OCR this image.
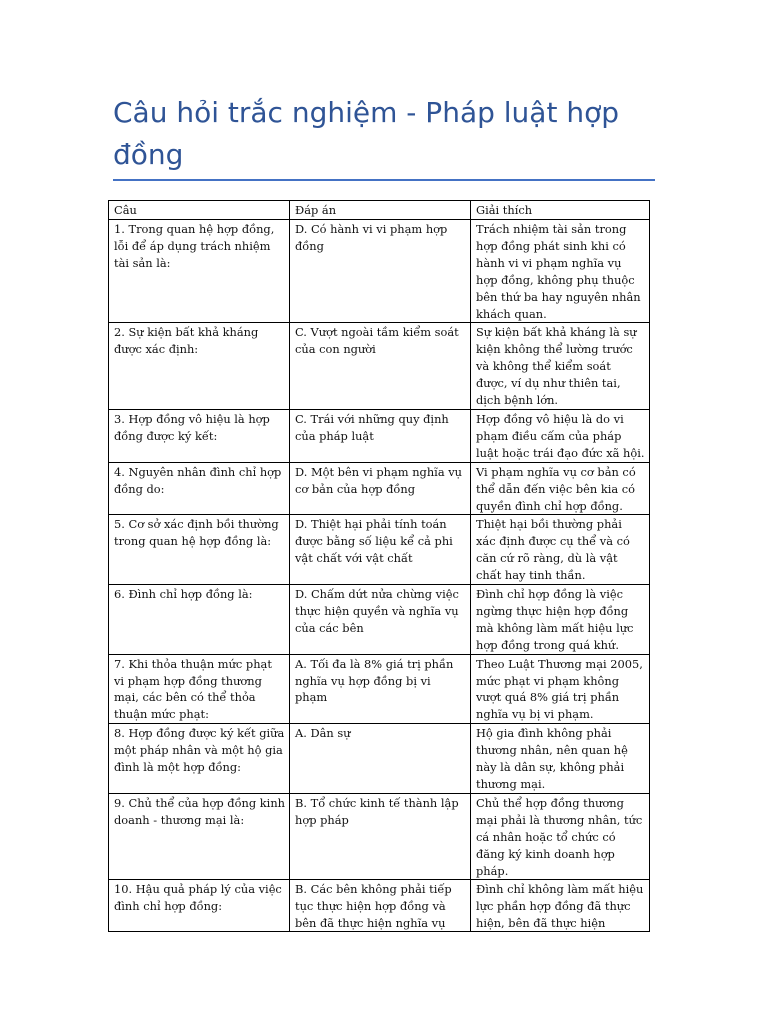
Câu hỏi trắc nghiệm - Pháp luật hợp đồng
Câu	Đáp án	Giải thích
1. Trong quan hệ hợp đồng, lỗi để áp dụng trách nhiệm tài sản là:	D. Có hành vi vi phạm hợp đồng	Trách nhiệm tài sản trong hợp đồng phát sinh khi có hành vi vi phạm nghĩa vụ hợp đồng, không phụ thuộc bên thứ ba hay nguyên nhân khách quan.
2. Sự kiện bất khả kháng được xác định:	C. Vượt ngoài tầm kiểm soát của con người	Sự kiện bất khả kháng là sự kiện không thể lường trước và không thể kiểm soát được, ví dụ như thiên tai, dịch bệnh lớn.
3. Hợp đồng vô hiệu là hợp đồng được ký kết:	C. Trái với những quy định của pháp luật	Hợp đồng vô hiệu là do vi phạm điều cấm của pháp luật hoặc trái đạo đức xã hội.
4. Nguyên nhân đình chỉ hợp đồng do:	D. Một bên vi phạm nghĩa vụ cơ bản của hợp đồng	Vi phạm nghĩa vụ cơ bản có thể dẫn đến việc bên kia có quyền đình chỉ hợp đồng.
5. Cơ sở xác định bồi thường trong quan hệ hợp đồng là:	D. Thiệt hại phải tính toán được bằng số liệu kể cả phi vật chất với vật chất	Thiệt hại bồi thường phải xác định được cụ thể và có căn cứ rõ ràng, dù là vật chất hay tinh thần.
6. Đình chỉ hợp đồng là:	D. Chấm dứt nửa chừng việc thực hiện quyền và nghĩa vụ của các bên	Đình chỉ hợp đồng là việc ngừng thực hiện hợp đồng mà không làm mất hiệu lực hợp đồng trong quá khứ.
7. Khi thỏa thuận mức phạt vi phạm hợp đồng thương mại, các bên có thể thỏa thuận mức phạt:	A. Tối đa là 8% giá trị phần nghĩa vụ hợp đồng bị vi phạm	Theo Luật Thương mại 2005, mức phạt vi phạm không vượt quá 8% giá trị phần nghĩa vụ bị vi phạm.
8. Hợp đồng được ký kết giữa một pháp nhân và một hộ gia đình là một hợp đồng:	A. Dân sự	Hộ gia đình không phải thương nhân, nên quan hệ này là dân sự, không phải thương mại.
9. Chủ thể của hợp đồng kinh doanh - thương mại là:	B. Tổ chức kinh tế thành lập hợp pháp	Chủ thể hợp đồng thương mại phải là thương nhân, tức cá nhân hoặc tổ chức có đăng ký kinh doanh hợp pháp.

10. Hậu quả pháp lý của việc đình chỉ hợp đồng:	B. Các bên không phải tiếp tục thực hiện hợp đồng và bên đã thực hiện nghĩa vụ	Đình chỉ không làm mất hiệu lực phần hợp đồng đã thực hiện, bên đã thực hiện
